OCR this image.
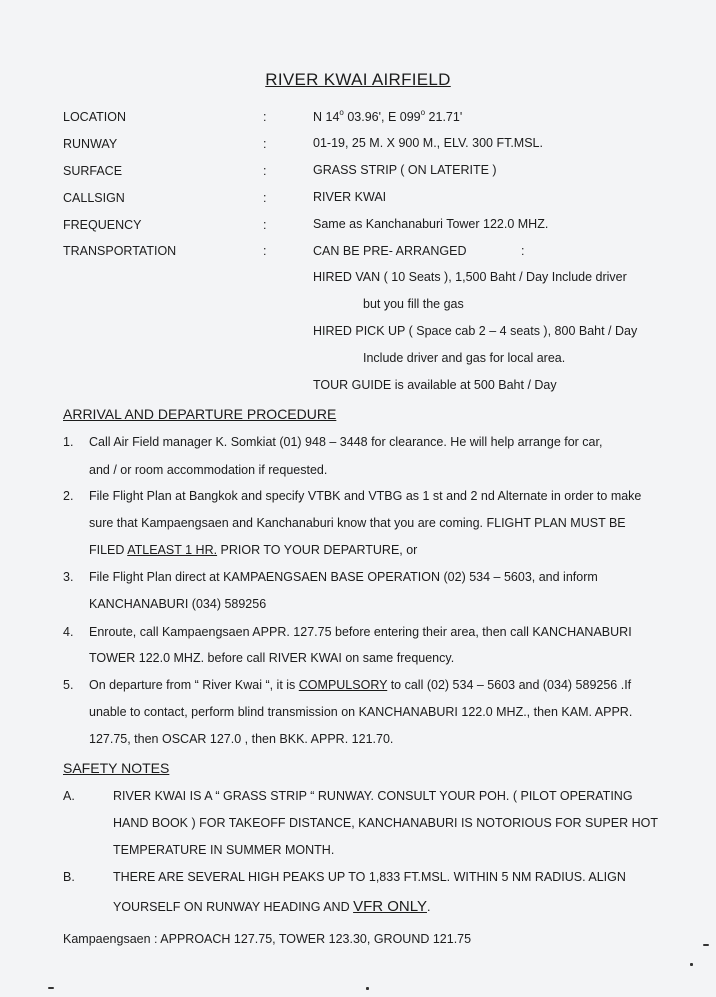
RIVER KWAI AIRFIELD
LOCATION	:	N 14$^o$ 03.96', E 099$^o$ 21.71'
RUNWAY	:	01-19, 25 M. X 900 M., ELV. 300 FT.MSL.
SURFACE	:	GRASS STRIP ( ON LATERITE )
CALLSIGN	:	RIVER KWAI
FREQUENCY	:	Same as Kanchanaburi Tower 122.0 MHZ.
TRANSPORTATION	:	CAN BE PRE- ARRANGED	:
HIRED VAN ( 10 Seats ), 1,500 Baht / Day Include driver
but you fill the gas
HIRED PICK UP ( Space cab 2 – 4 seats ), 800 Baht / Day
Include driver and gas for local area.
TOUR GUIDE is available at 500 Baht / Day
ARRIVAL AND DEPARTURE PROCEDURE
1. Call Air Field manager K. Somkiat (01) 948 – 3448 for clearance. He will help arrange for car,
and / or room accommodation if requested.
2. File Flight Plan at Bangkok and specify VTBK and VTBG as 1 st and 2 nd Alternate in order to make
sure that Kampaengsaen and Kanchanaburi know that you are coming. FLIGHT PLAN MUST BE
FILED ATLEAST 1 HR. PRIOR TO YOUR DEPARTURE, or
3. File Flight Plan direct at KAMPAENGSAEN BASE OPERATION (02) 534 – 5603, and inform
KANCHANABURI (034) 589256
4. Enroute, call Kampaengsaen APPR. 127.75 before entering their area, then call KANCHANABURI
TOWER 122.0 MHZ. before call RIVER KWAI on same frequency.
5. On departure from “ River Kwai “, it is COMPULSORY to call (02) 534 – 5603 and (034) 589256 .If
unable to contact, perform blind transmission on KANCHANABURI 122.0 MHZ., then KAM. APPR.
127.75, then OSCAR 127.0 , then BKK. APPR. 121.70.
SAFETY NOTES
A.	RIVER KWAI IS A “ GRASS STRIP “ RUNWAY. CONSULT YOUR POH. ( PILOT OPERATING
HAND BOOK ) FOR TAKEOFF DISTANCE, KANCHANABURI IS NOTORIOUS FOR SUPER HOT
TEMPERATURE IN SUMMER MONTH.
B.	THERE ARE SEVERAL HIGH PEAKS UP TO 1,833 FT.MSL. WITHIN 5 NM RADIUS. ALIGN
YOURSELF ON RUNWAY HEADING AND VFR ONLY.
Kampaengsaen : APPROACH 127.75, TOWER 123.30, GROUND 121.75
